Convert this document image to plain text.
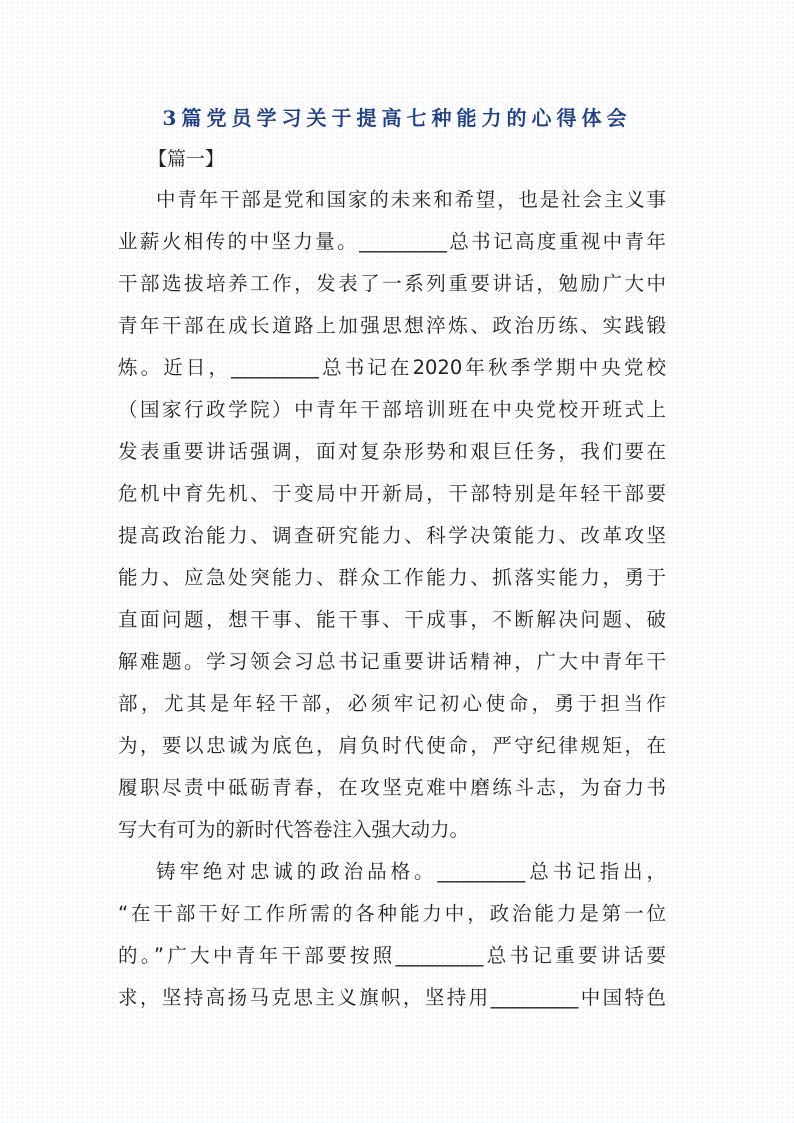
3篇党员学习关于提高七种能力的心得体会
【篇一】
中青年干部是党和国家的未来和希望，也是社会主义事
业薪火相传的中坚力量。_________总书记高度重视中青年
干部选拔培养工作，发表了一系列重要讲话，勉励广大中
青年干部在成长道路上加强思想淬炼、政治历练、实践锻
炼。近日，_________总书记在2020年秋季学期中央党校
（国家行政学院）中青年干部培训班在中央党校开班式上
发表重要讲话强调，面对复杂形势和艰巨任务，我们要在
危机中育先机、于变局中开新局，干部特别是年轻干部要
提高政治能力、调查研究能力、科学决策能力、改革攻坚
能力、应急处突能力、群众工作能力、抓落实能力，勇于
直面问题，想干事、能干事、干成事，不断解决问题、破
解难题。学习领会习总书记重要讲话精神，广大中青年干
部，尤其是年轻干部，必须牢记初心使命，勇于担当作
为，要以忠诚为底色，肩负时代使命，严守纪律规矩，在
履职尽责中砥砺青春，在攻坚克难中磨练斗志，为奋力书
写大有可为的新时代答卷注入强大动力。
铸牢绝对忠诚的政治品格。_________总书记指出，
“在干部干好工作所需的各种能力中，政治能力是第一位
的。”广大中青年干部要按照_________总书记重要讲话要
求，坚持高扬马克思主义旗帜，坚持用_________中国特色
